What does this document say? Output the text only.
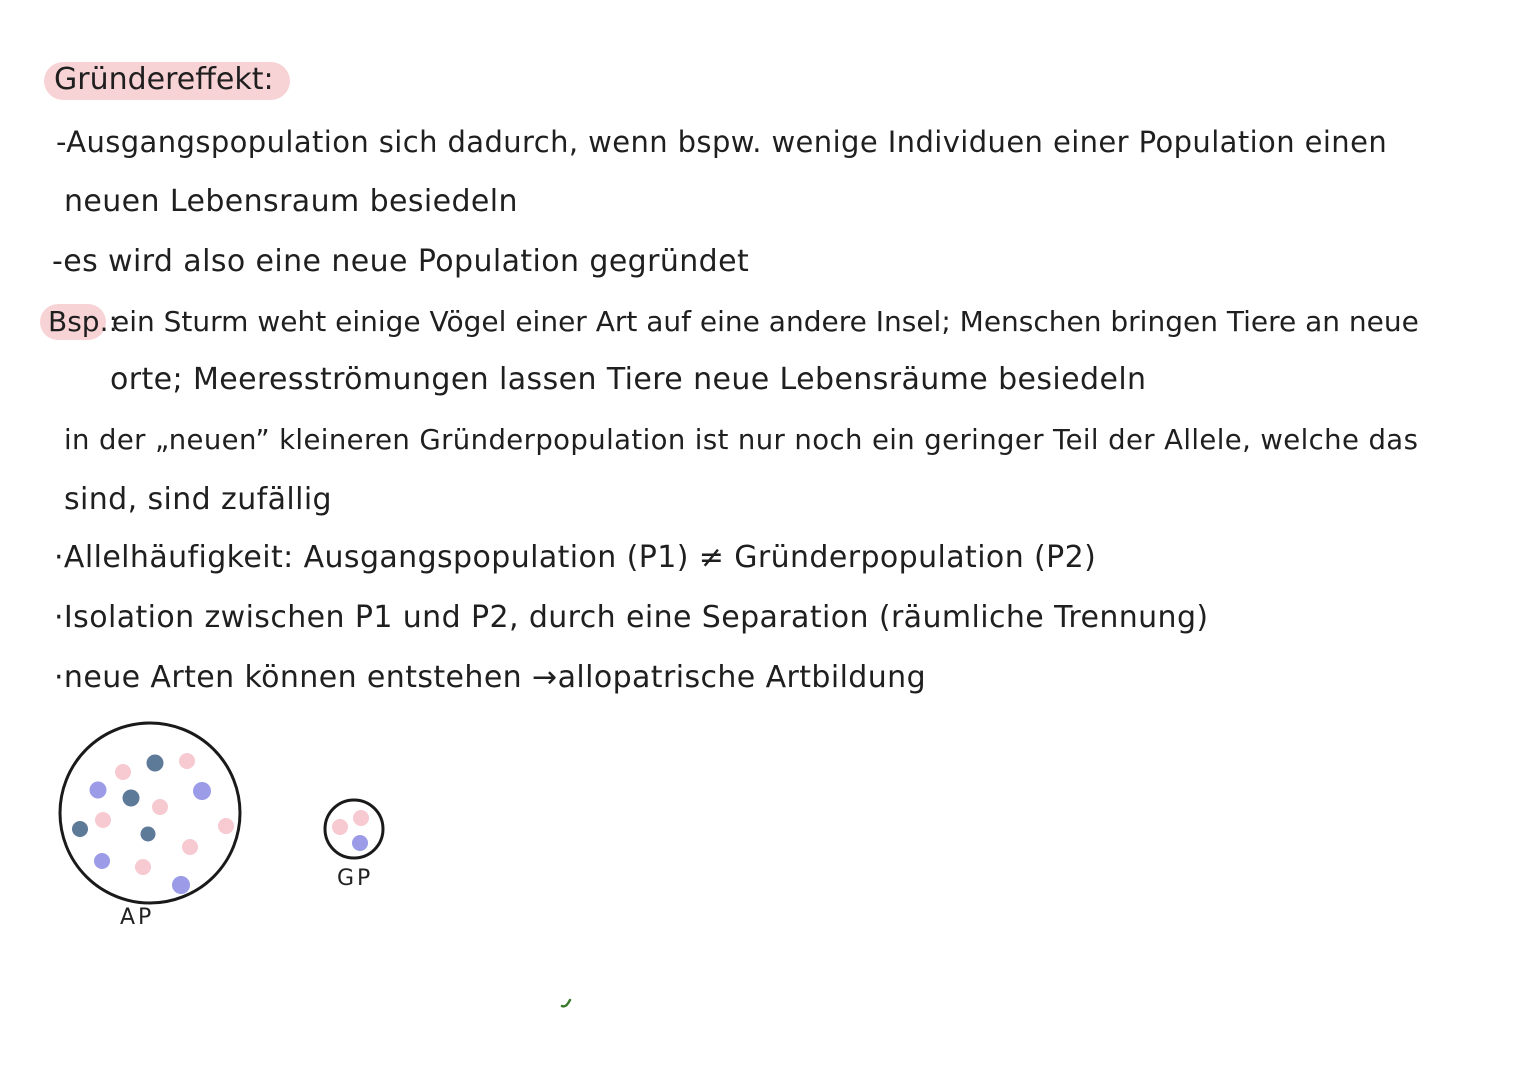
Gründereffekt:
-Ausgangspopulation sich dadurch, wenn bspw. wenige Individuen einer Population einen
neuen Lebensraum besiedeln
-es wird also eine neue Population gegründet
Bsp.:
ein Sturm weht einige Vögel einer Art auf eine andere Insel; Menschen bringen Tiere an neue
orte; Meeresströmungen lassen Tiere neue Lebensräume besiedeln
in der „neuen” kleineren Gründerpopulation ist nur noch ein geringer Teil der Allele, welche das
sind, sind zufällig
·Allelhäufigkeit: Ausgangspopulation (P1) ≠ Gründerpopulation (P2)
·Isolation zwischen P1 und P2, durch eine Separation (räumliche Trennung)
·neue Arten können entstehen →allopatrische Artbildung
AP
GP
